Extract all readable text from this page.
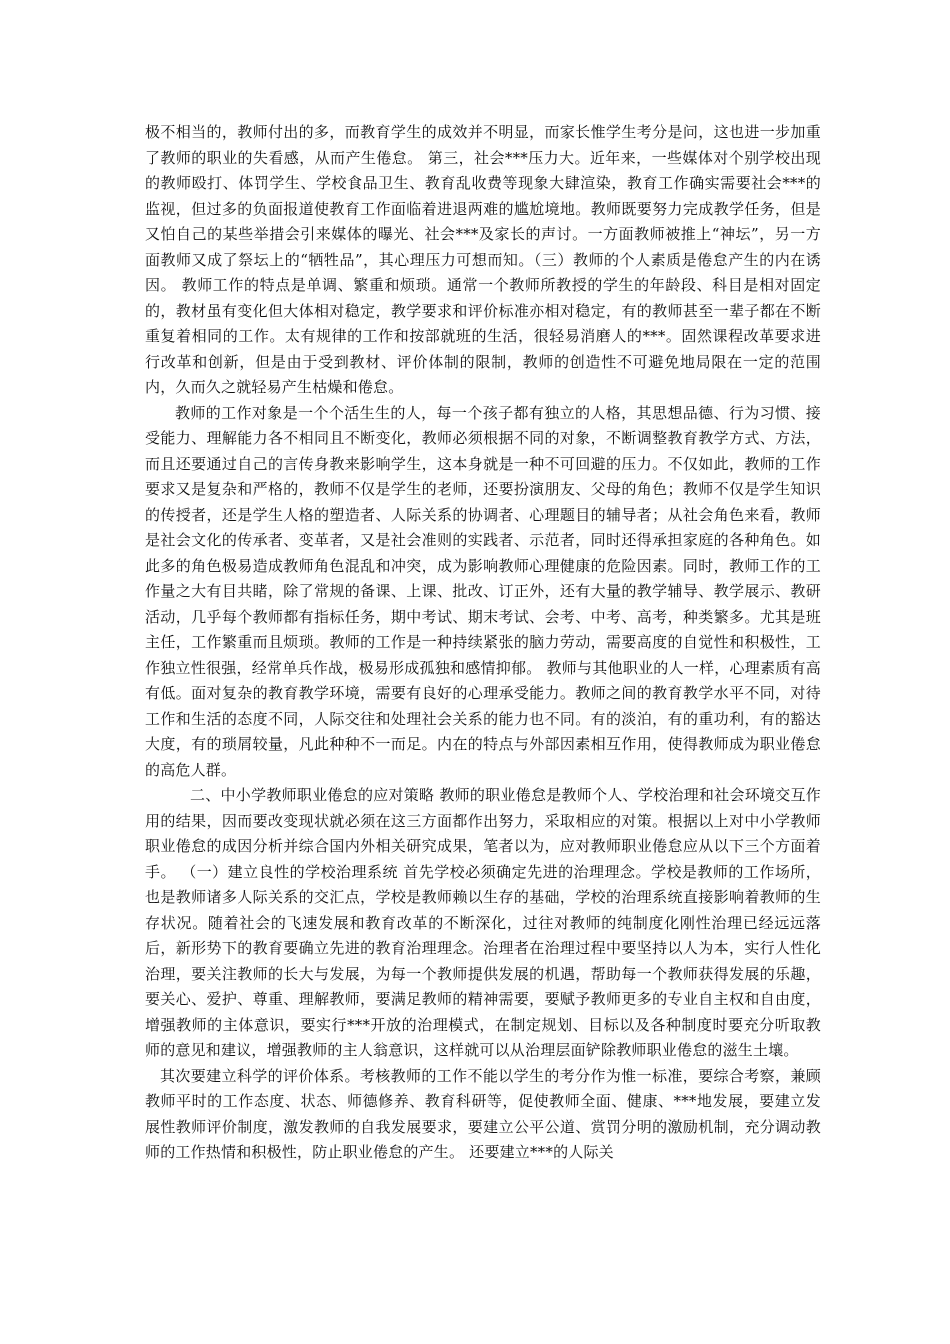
极不相当的，教师付出的多，而教育学生的成效并不明显，而家长惟学生考分是问，这也进一步加重了教师的职业的失看感，从而产生倦怠。 第三，社会***压力大。近年来，一些媒体对个别学校出现的教师殴打、体罚学生、学校食品卫生、教育乱收费等现象大肆渲染，教育工作确实需要社会***的监视，但过多的负面报道使教育工作面临着进退两难的尴尬境地。教师既要努力完成教学任务，但是又怕自己的某些举措会引来媒体的曝光、社会***及家长的声讨。一方面教师被推上“神坛”，另一方面教师又成了祭坛上的“牺牲品”，其心理压力可想而知。（三）教师的个人素质是倦怠产生的内在诱因。 教师工作的特点是单调、繁重和烦琐。通常一个教师所教授的学生的年龄段、科目是相对固定的，教材虽有变化但大体相对稳定，教学要求和评价标准亦相对稳定，有的教师甚至一辈子都在不断重复着相同的工作。太有规律的工作和按部就班的生活，很轻易消磨人的***。固然课程改革要求进行改革和创新，但是由于受到教材、评价体制的限制，教师的创造性不可避免地局限在一定的范围内，久而久之就轻易产生枯燥和倦怠。

教师的工作对象是一个个活生生的人，每一个孩子都有独立的人格，其思想品德、行为习惯、接受能力、理解能力各不相同且不断变化，教师必须根据不同的对象，不断调整教育教学方式、方法，而且还要通过自己的言传身教来影响学生，这本身就是一种不可回避的压力。不仅如此，教师的工作要求又是复杂和严格的，教师不仅是学生的老师，还要扮演朋友、父母的角色；教师不仅是学生知识的传授者，还是学生人格的塑造者、人际关系的协调者、心理题目的辅导者；从社会角色来看，教师是社会文化的传承者、变革者，又是社会准则的实践者、示范者，同时还得承担家庭的各种角色。如此多的角色极易造成教师角色混乱和冲突，成为影响教师心理健康的危险因素。同时，教师工作的工作量之大有目共睹，除了常规的备课、上课、批改、订正外，还有大量的教学辅导、教学展示、教研活动，几乎每个教师都有指标任务，期中考试、期末考试、会考、中考、高考，种类繁多。尤其是班主任，工作繁重而且烦琐。教师的工作是一种持续紧张的脑力劳动，需要高度的自觉性和积极性，工作独立性很强，经常单兵作战，极易形成孤独和感情抑郁。 教师与其他职业的人一样，心理素质有高有低。面对复杂的教育教学环境，需要有良好的心理承受能力。教师之间的教育教学水平不同，对待工作和生活的态度不同，人际交往和处理社会关系的能力也不同。有的淡泊，有的重功利，有的豁达大度，有的琐屑较量，凡此种种不一而足。内在的特点与外部因素相互作用，使得教师成为职业倦怠的高危人群。

二、中小学教师职业倦怠的应对策略 教师的职业倦怠是教师个人、学校治理和社会环境交互作用的结果，因而要改变现状就必须在这三方面都作出努力，采取相应的对策。根据以上对中小学教师职业倦怠的成因分析并综合国内外相关研究成果，笔者以为，应对教师职业倦怠应从以下三个方面着手。 （一）建立良性的学校治理系统 首先学校必须确定先进的治理理念。学校是教师的工作场所，也是教师诸多人际关系的交汇点，学校是教师赖以生存的基础，学校的治理系统直接影响着教师的生存状况。随着社会的飞速发展和教育改革的不断深化，过往对教师的纯制度化刚性治理已经远远落后，新形势下的教育要确立先进的教育治理理念。治理者在治理过程中要坚持以人为本，实行人性化治理，要关注教师的长大与发展，为每一个教师提供发展的机遇，帮助每一个教师获得发展的乐趣，要关心、爱护、尊重、理解教师，要满足教师的精神需要，要赋予教师更多的专业自主权和自由度，增强教师的主体意识，要实行***开放的治理模式，在制定规划、目标以及各种制度时要充分听取教师的意见和建议，增强教师的主人翁意识，这样就可以从治理层面铲除教师职业倦怠的滋生土壤。

其次要建立科学的评价体系。考核教师的工作不能以学生的考分作为惟一标准，要综合考察，兼顾教师平时的工作态度、状态、师德修养、教育科研等，促使教师全面、健康、***地发展，要建立发展性教师评价制度，激发教师的自我发展要求，要建立公平公道、赏罚分明的激励机制，充分调动教师的工作热情和积极性，防止职业倦怠的产生。 还要建立***的人际关
